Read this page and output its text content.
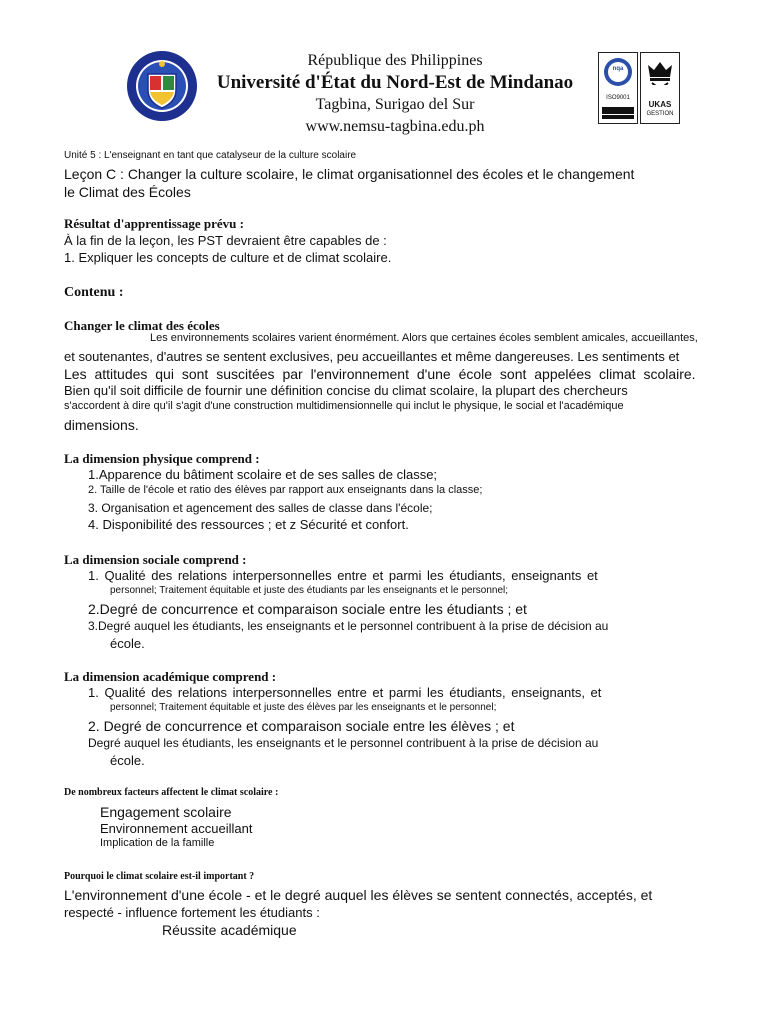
République des Philippines
Université d'État du Nord-Est de Mindanao
Tagbina, Surigao del Sur
www.nemsu-tagbina.edu.ph
nqa
ISO9001
UKAS
GESTION
Unité 5 : L'enseignant en tant que catalyseur de la culture scolaire
Leçon C : Changer la culture scolaire, le climat organisationnel des écoles et le changement
le Climat des Écoles
Résultat d'apprentissage prévu :
À la fin de la leçon, les PST devraient être capables de :
1. Expliquer les concepts de culture et de climat scolaire.
Contenu :
Changer le climat des écoles
Les environnements scolaires varient énormément. Alors que certaines écoles semblent amicales, accueillantes,
et soutenantes, d'autres se sentent exclusives, peu accueillantes et même dangereuses. Les sentiments et
Les attitudes qui sont suscitées par l'environnement d'une école sont appelées climat scolaire.
Bien qu'il soit difficile de fournir une définition concise du climat scolaire, la plupart des chercheurs
s'accordent à dire qu'il s'agit d'une construction multidimensionnelle qui inclut le physique, le social et l'académique
dimensions.
La dimension physique comprend :
1.Apparence du bâtiment scolaire et de ses salles de classe;
2. Taille de l'école et ratio des élèves par rapport aux enseignants dans la classe;
3. Organisation et agencement des salles de classe dans l'école;
4. Disponibilité des ressources ; et z Sécurité et confort.
La dimension sociale comprend :
1. Qualité des relations interpersonnelles entre et parmi les étudiants, enseignants et
personnel; Traitement équitable et juste des étudiants par les enseignants et le personnel;
2.Degré de concurrence et comparaison sociale entre les étudiants ; et
3.Degré auquel les étudiants, les enseignants et le personnel contribuent à la prise de décision au
école.
La dimension académique comprend :
1. Qualité des relations interpersonnelles entre et parmi les étudiants, enseignants, et
personnel; Traitement équitable et juste des élèves par les enseignants et le personnel;
2. Degré de concurrence et comparaison sociale entre les élèves ; et
Degré auquel les étudiants, les enseignants et le personnel contribuent à la prise de décision au
école.
De nombreux facteurs affectent le climat scolaire :
Engagement scolaire
Environnement accueillant
Implication de la famille
Pourquoi le climat scolaire est-il important ?
L'environnement d'une école - et le degré auquel les élèves se sentent connectés, acceptés, et
respecté - influence fortement les étudiants :
Réussite académique
